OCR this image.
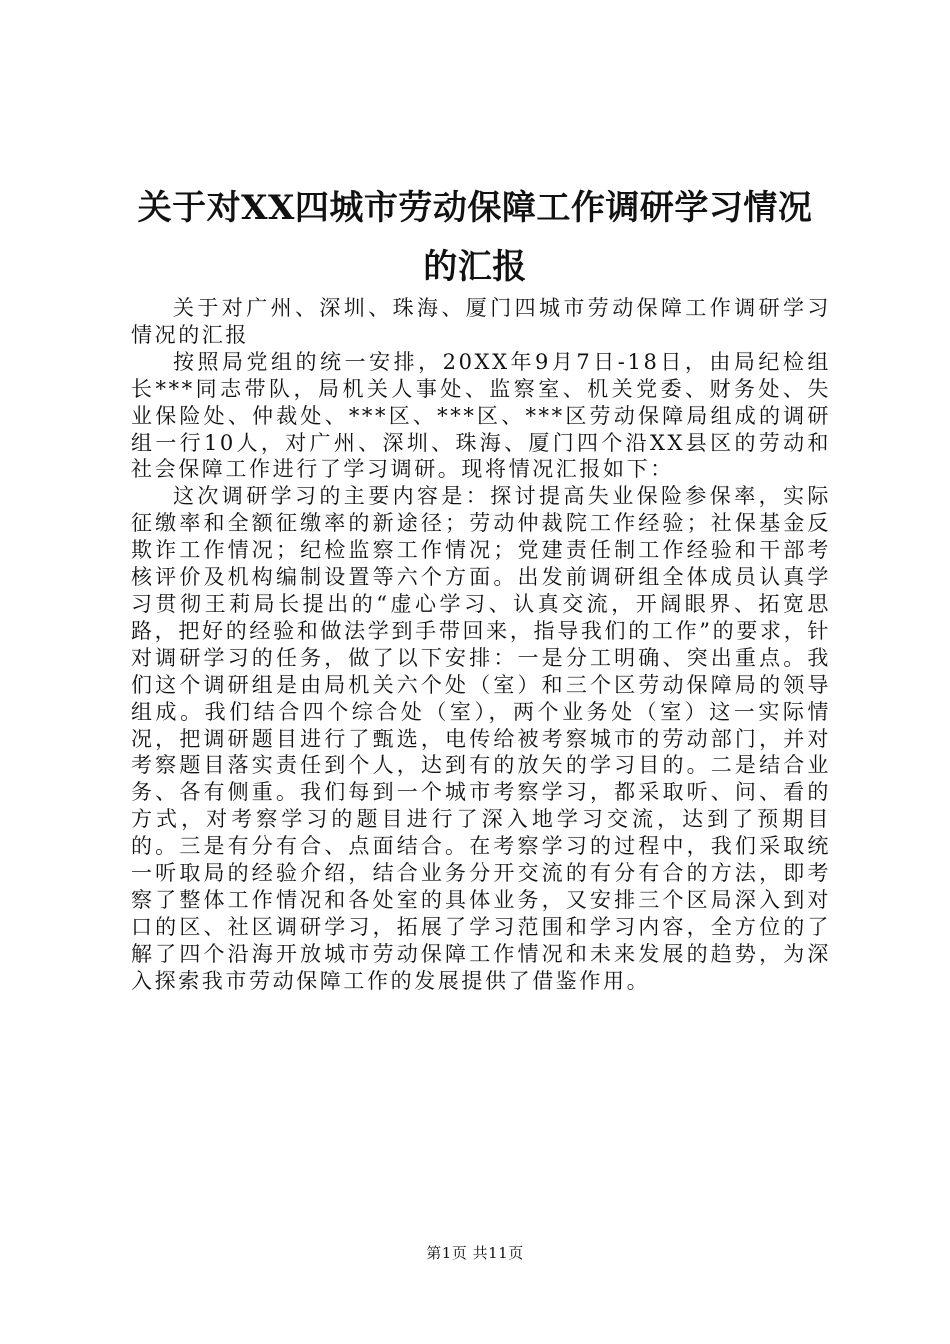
关于对XX四城市劳动保障工作调研学习情况
的汇报

关于对广州、深圳、珠海、厦门四城市劳动保障工作调研学习情况的汇报

按照局党组的统一安排，20XX年9月7日-18日，由局纪检组长***同志带队，局机关人事处、监察室、机关党委、财务处、失业保险处、仲裁处、***区、***区、***区劳动保障局组成的调研组一行10人，对广州、深圳、珠海、厦门四个沿XX县区的劳动和社会保障工作进行了学习调研。现将情况汇报如下：

这次调研学习的主要内容是：探讨提高失业保险参保率，实际征缴率和全额征缴率的新途径；劳动仲裁院工作经验；社保基金反欺诈工作情况；纪检监察工作情况；党建责任制工作经验和干部考核评价及机构编制设置等六个方面。出发前调研组全体成员认真学习贯彻王莉局长提出的“虚心学习、认真交流，开阔眼界、拓宽思路，把好的经验和做法学到手带回来，指导我们的工作”的要求，针对调研学习的任务，做了以下安排：一是分工明确、突出重点。我们这个调研组是由局机关六个处（室）和三个区劳动保障局的领导组成。我们结合四个综合处（室），两个业务处（室）这一实际情况，把调研题目进行了甄选，电传给被考察城市的劳动部门，并对考察题目落实责任到个人，达到有的放矢的学习目的。二是结合业务、各有侧重。我们每到一个城市考察学习，都采取听、问、看的方式，对考察学习的题目进行了深入地学习交流，达到了预期目的。三是有分有合、点面结合。在考察学习的过程中，我们采取统一听取局的经验介绍，结合业务分开交流的有分有合的方法，即考察了整体工作情况和各处室的具体业务，又安排三个区局深入到对口的区、社区调研学习，拓展了学习范围和学习内容，全方位的了解了四个沿海开放城市劳动保障工作情况和未来发展的趋势，为深入探索我市劳动保障工作的发展提供了借鉴作用。

第1页 共11页
